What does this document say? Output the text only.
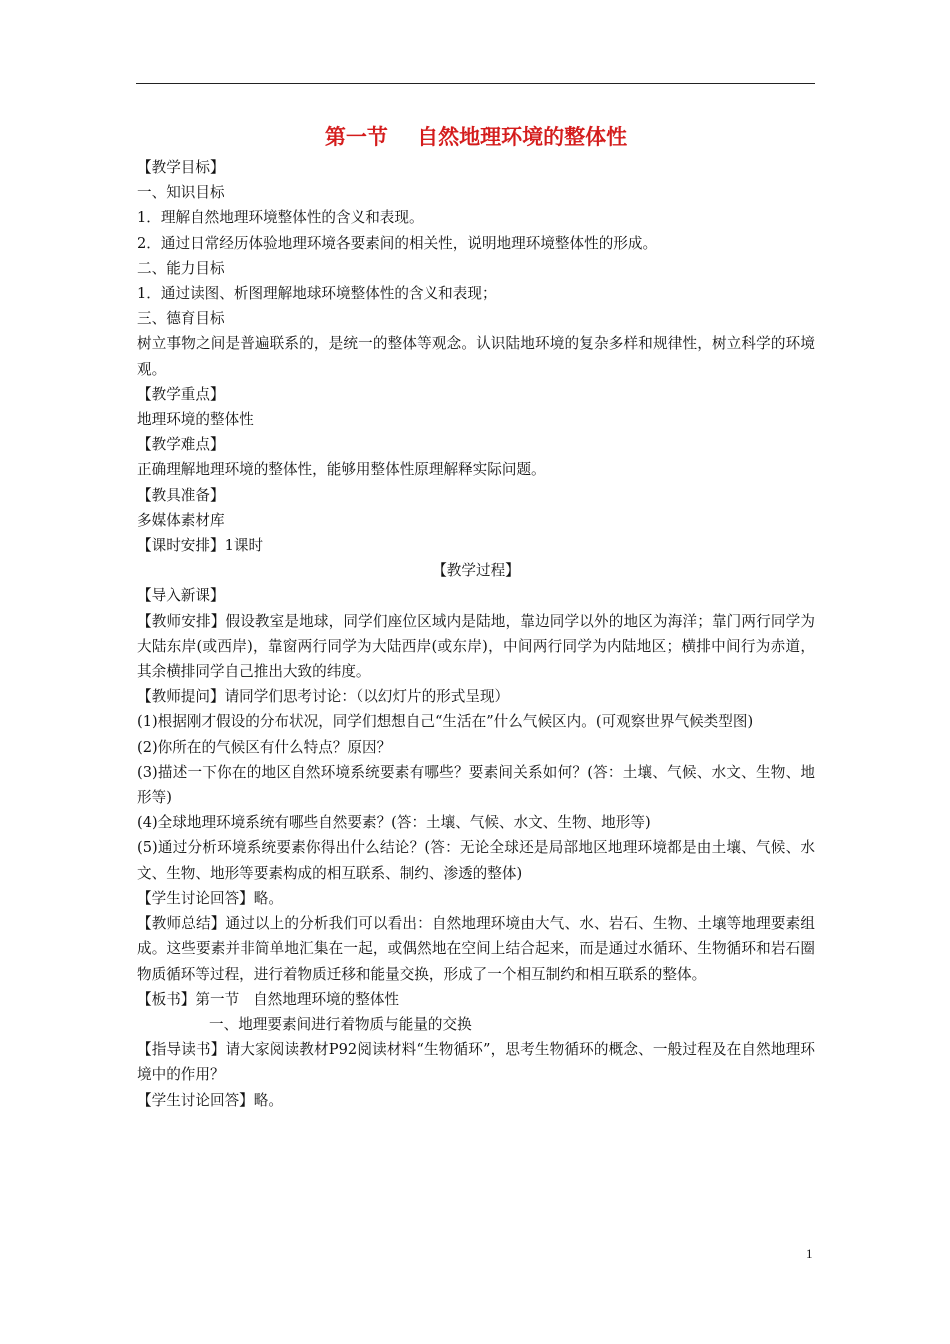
第一节    自然地理环境的整体性

【教学目标】

一、知识目标

1．理解自然地理环境整体性的含义和表现。

2．通过日常经历体验地理环境各要素间的相关性，说明地理环境整体性的形成。

二、能力目标

1．通过读图、析图理解地球环境整体性的含义和表现；

三、德育目标

树立事物之间是普遍联系的，是统一的整体等观念。认识陆地环境的复杂多样和规律性，树立科学的环境观。

【教学重点】

地理环境的整体性

【教学难点】

正确理解地理环境的整体性，能够用整体性原理解释实际问题。

【教具准备】

多媒体素材库

【课时安排】1课时

【教学过程】

【导入新课】

【教师安排】假设教室是地球，同学们座位区域内是陆地，靠边同学以外的地区为海洋；靠门两行同学为大陆东岸(或西岸)，靠窗两行同学为大陆西岸(或东岸)，中间两行同学为内陆地区；横排中间行为赤道，其余横排同学自己推出大致的纬度。

【教师提问】请同学们思考讨论：（以幻灯片的形式呈现）

(1)根据刚才假设的分布状况，同学们想想自己“生活在”什么气候区内。(可观察世界气候类型图)

(2)你所在的气候区有什么特点？原因？

(3)描述一下你在的地区自然环境系统要素有哪些？要素间关系如何？(答：土壤、气候、水文、生物、地形等)

(4)全球地理环境系统有哪些自然要素？(答：土壤、气候、水文、生物、地形等)

(5)通过分析环境系统要素你得出什么结论？(答：无论全球还是局部地区地理环境都是由土壤、气候、水文、生物、地形等要素构成的相互联系、制约、渗透的整体)

【学生讨论回答】略。

【教师总结】通过以上的分析我们可以看出：自然地理环境由大气、水、岩石、生物、土壤等地理要素组成。这些要素并非简单地汇集在一起，或偶然地在空间上结合起来，而是通过水循环、生物循环和岩石圈物质循环等过程，进行着物质迁移和能量交换，形成了一个相互制约和相互联系的整体。

【板书】第一节   自然地理环境的整体性

一、地理要素间进行着物质与能量的交换

【指导读书】请大家阅读教材P92阅读材料“生物循环”，思考生物循环的概念、一般过程及在自然地理环境中的作用？

【学生讨论回答】略。

1
